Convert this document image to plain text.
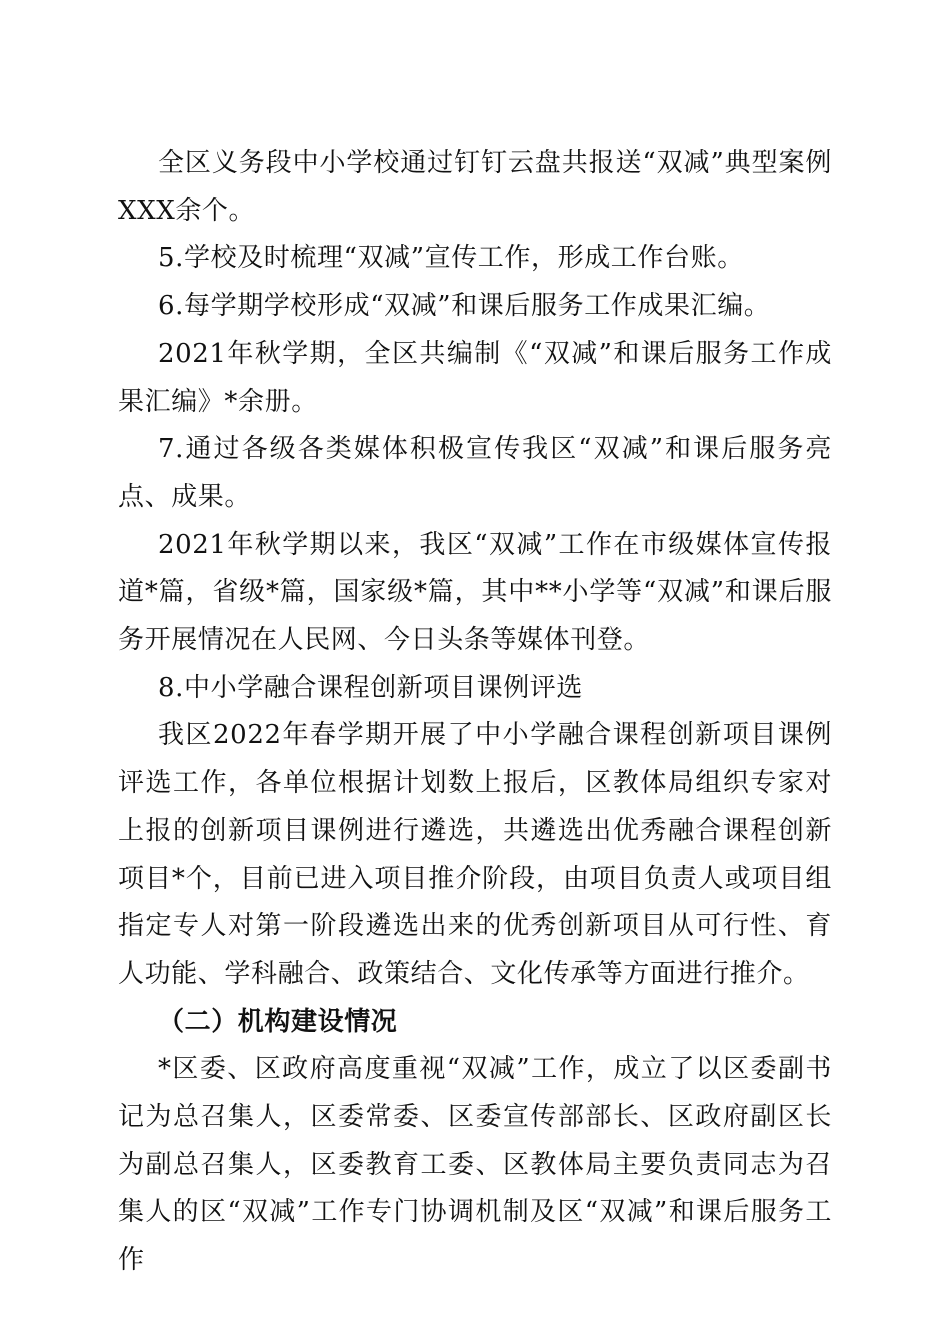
全区义务段中小学校通过钉钉云盘共报送“双减”典型案例XXX余个。

5.学校及时梳理“双减”宣传工作，形成工作台账。

6.每学期学校形成“双减”和课后服务工作成果汇编。

2021年秋学期，全区共编制《“双减”和课后服务工作成果汇编》*余册。

7.通过各级各类媒体积极宣传我区“双减”和课后服务亮点、成果。

2021年秋学期以来，我区“双减”工作在市级媒体宣传报道*篇，省级*篇，国家级*篇，其中**小学等“双减”和课后服务开展情况在人民网、今日头条等媒体刊登。

8.中小学融合课程创新项目课例评选

我区2022年春学期开展了中小学融合课程创新项目课例评选工作，各单位根据计划数上报后，区教体局组织专家对上报的创新项目课例进行遴选，共遴选出优秀融合课程创新项目*个，目前已进入项目推介阶段，由项目负责人或项目组指定专人对第一阶段遴选出来的优秀创新项目从可行性、育人功能、学科融合、政策结合、文化传承等方面进行推介。

（二）机构建设情况

*区委、区政府高度重视“双减”工作，成立了以区委副书记为总召集人，区委常委、区委宣传部部长、区政府副区长为副总召集人，区委教育工委、区教体局主要负责同志为召集人的区“双减”工作专门协调机制及区“双减”和课后服务工作
